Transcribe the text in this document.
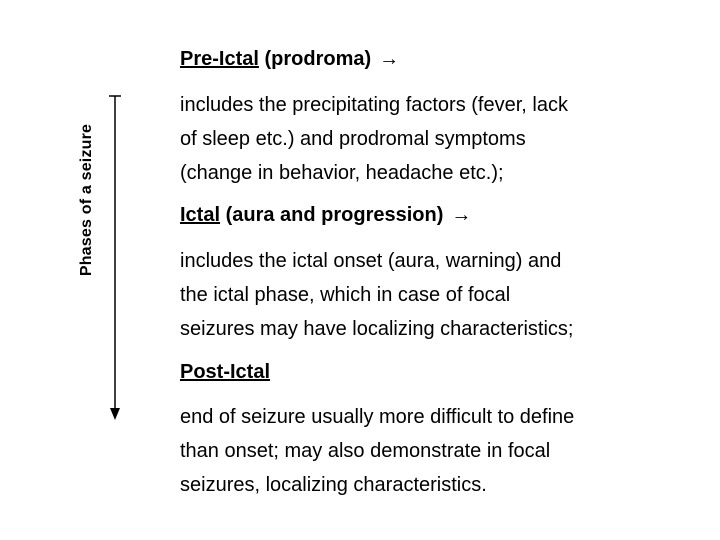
Phases of a seizure
Pre-Ictal (prodroma) →
includes the precipitating factors (fever, lack
of sleep etc.) and prodromal symptoms
(change in behavior, headache etc.);
Ictal (aura and progression) →
includes the ictal onset (aura, warning) and
the ictal phase, which in case of focal
seizures may have localizing characteristics;
Post-Ictal
end of seizure usually more difficult to define
than onset; may also demonstrate in focal
seizures, localizing characteristics.
